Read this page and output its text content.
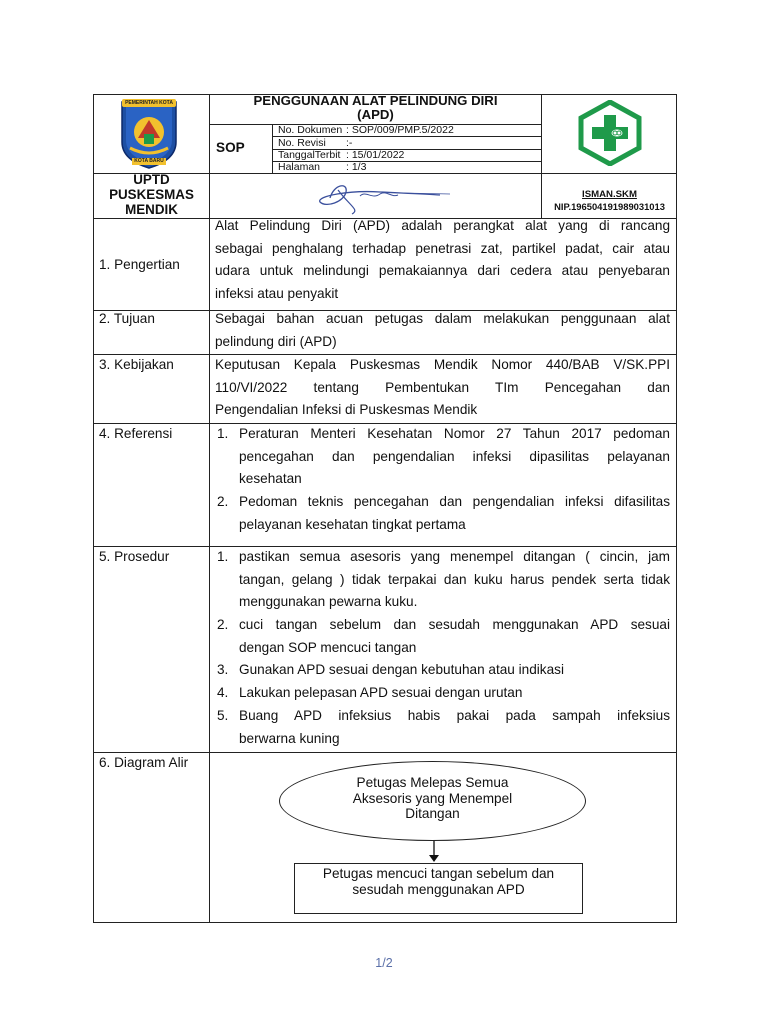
PEMERINTAH KOTA
KOTA BARU
PENGGUNAAN ALAT PELINDUNG DIRI
(APD)
SOP
No. Dokumen : SOP/009/PMP.5/2022
No. Revisi :-
TanggalTerbit : 15/01/2022
Halaman : 1/3
UPTD
PUSKESMAS
MENDIK
ISMAN.SKM
NIP.196504191989031013
1. Pengertian
Alat Pelindung Diri (APD) adalah perangkat alat yang di rancang
sebagai penghalang terhadap penetrasi zat, partikel padat, cair atau
udara untuk melindungi pemakaiannya dari cedera atau penyebaran
infeksi atau penyakit
2. Tujuan	Sebagai bahan acuan petugas dalam melakukan penggunaan alat
pelindung diri (APD)
3. Kebijakan	Keputusan Kepala Puskesmas Mendik Nomor 440/BAB V/SK.PPI
110/VI/2022 tentang Pembentukan TIm Pencegahan dan
Pengendalian Infeksi di Puskesmas Mendik
4. Referensi	1. Peraturan Menteri Kesehatan Nomor 27 Tahun 2017 pedoman
pencegahan dan pengendalian infeksi dipasilitas pelayanan
kesehatan
2. Pedoman teknis pencegahan dan pengendalian infeksi difasilitas
pelayanan kesehatan tingkat pertama
5. Prosedur	1. pastikan semua asesoris yang menempel ditangan ( cincin, jam
tangan, gelang ) tidak terpakai dan kuku harus pendek serta tidak
menggunakan pewarna kuku.
2. cuci tangan sebelum dan sesudah menggunakan APD sesuai
dengan SOP mencuci tangan
3. Gunakan APD sesuai dengan kebutuhan atau indikasi
4. Lakukan pelepasan APD sesuai dengan urutan
5. Buang APD infeksius habis pakai pada sampah infeksius
berwarna kuning
6. Diagram Alir
Petugas Melepas Semua
Aksesoris yang Menempel
Ditangan
Petugas mencuci tangan sebelum dan
sesudah menggunakan APD
1/2
